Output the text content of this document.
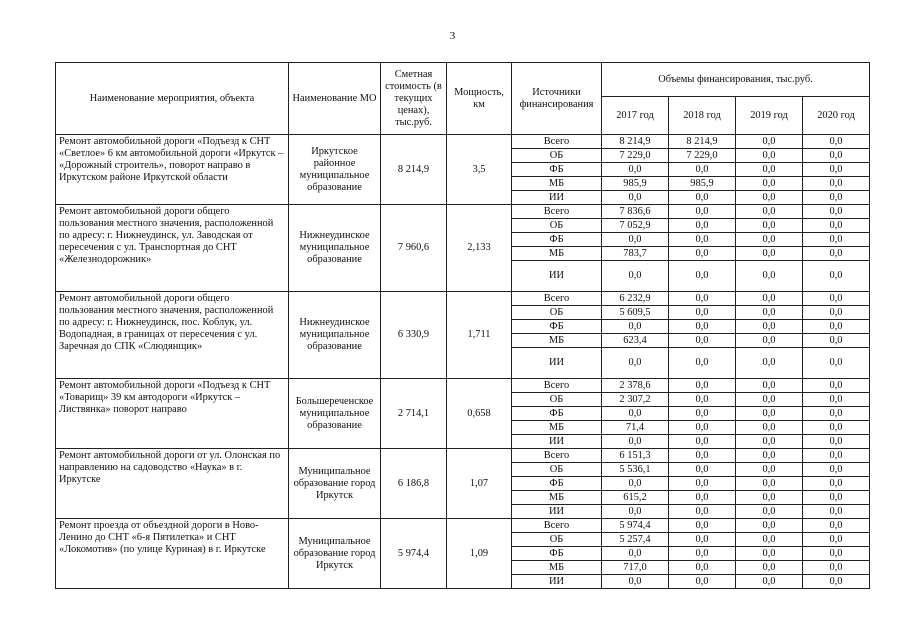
3
Наименование мероприятия, объекта	Наименование МО	Сметная стоимость (в текущих ценах), тыс.руб.	Мощность, км	Источники финансирования	Объемы финансирования, тыс.руб.			
					2017 год	2018 год	2019 год	2020 год
Ремонт автомобильной дороги «Подъезд к СНТ «Светлое» 6 км автомобильной дороги «Иркутск – «Дорожный строитель», поворот направо в Иркутском районе Иркутской области	Иркутское районное муниципальное образование	8 214,9	3,5	Всего	8 214,9	8 214,9	0,0	0,0
				ОБ	7 229,0	7 229,0	0,0	0,0
				ФБ	0,0	0,0	0,0	0,0
				МБ	985,9	985,9	0,0	0,0
				ИИ	0,0	0,0	0,0	0,0
Ремонт автомобильной дороги общего пользования местного значения, расположенной по адресу: г. Нижнеудинск, ул. Заводская от пересечения с ул. Транспортная до СНТ «Железнодорожник»	Нижнеудинское муниципальное образование	7 960,6	2,133	Всего	7 836,6	0,0	0,0	0,0
				ОБ	7 052,9	0,0	0,0	0,0
				ФБ	0,0	0,0	0,0	0,0
				МБ	783,7	0,0	0,0	0,0
				ИИ	0,0	0,0	0,0	0,0
Ремонт автомобильной дороги общего пользования местного значения, расположенной по адресу: г. Нижнеудинск, пос. Коблук, ул. Водопадная, в границах от пересечения с ул. Заречная до СПК «Слюдянщик»	Нижнеудинское муниципальное образование	6 330,9	1,711	Всего	6 232,9	0,0	0,0	0,0
				ОБ	5 609,5	0,0	0,0	0,0
				ФБ	0,0	0,0	0,0	0,0
				МБ	623,4	0,0	0,0	0,0
				ИИ	0,0	0,0	0,0	0,0
Ремонт автомобильной дороги «Подъезд к СНТ «Товарищ» 39 км автодороги «Иркутск – Листвянка» поворот направо	Большереченское муниципальное образование	2 714,1	0,658	Всего	2 378,6	0,0	0,0	0,0
				ОБ	2 307,2	0,0	0,0	0,0
				ФБ	0,0	0,0	0,0	0,0
				МБ	71,4	0,0	0,0	0,0
				ИИ	0,0	0,0	0,0	0,0
Ремонт автомобильной дороги от ул. Олонская по направлению на садоводство «Наука» в г. Иркутске	Муниципальное образование город Иркутск	6 186,8	1,07	Всего	6 151,3	0,0	0,0	0,0
				ОБ	5 536,1	0,0	0,0	0,0
				ФБ	0,0	0,0	0,0	0,0
				МБ	615,2	0,0	0,0	0,0
				ИИ	0,0	0,0	0,0	0,0
Ремонт проезда от объездной дороги в Ново-Ленино до СНТ «6-я Пятилетка» и СНТ «Локомотив» (по улице Куриная) в г. Иркутске	Муниципальное образование город Иркутск	5 974,4	1,09	Всего	5 974,4	0,0	0,0	0,0
				ОБ	5 257,4	0,0	0,0	0,0
				ФБ	0,0	0,0	0,0	0,0
				МБ	717,0	0,0	0,0	0,0
				ИИ	0,0	0,0	0,0	0,0
